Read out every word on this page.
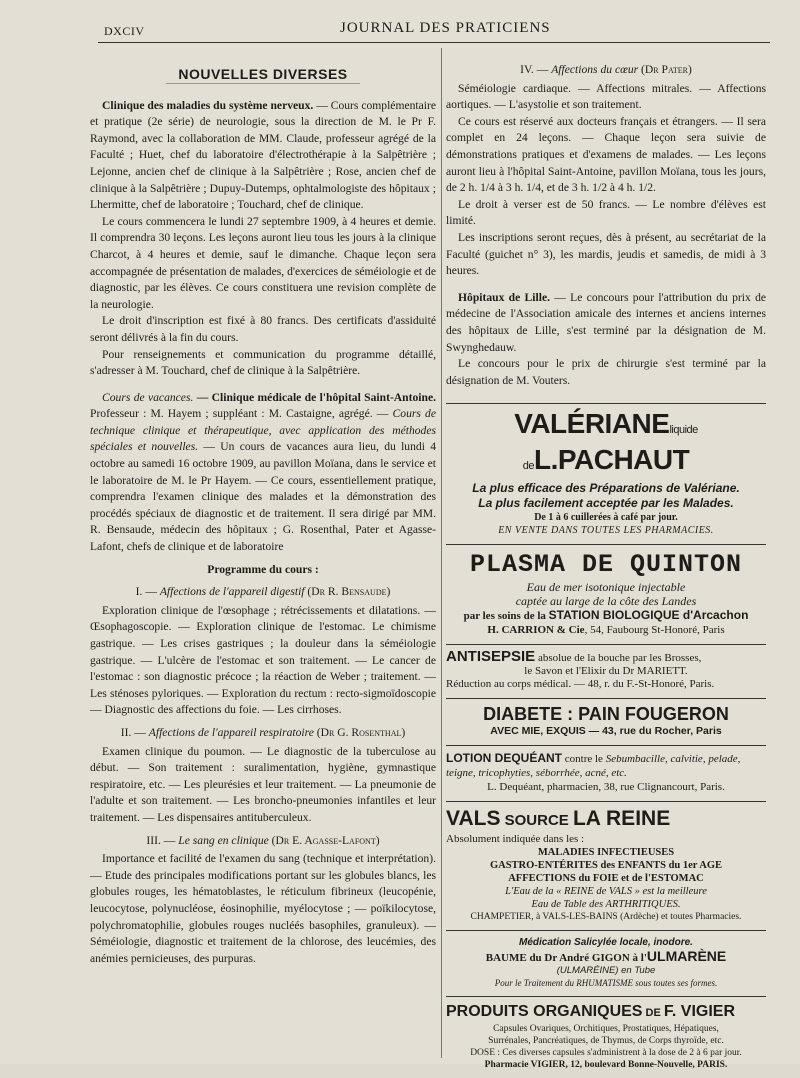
DXCIV	JOURNAL DES PRATICIENS
NOUVELLES DIVERSES

Clinique des maladies du système nerveux. — Cours complémentaire et pratique (2e série) de neurologie, sous la direction de M. le Pr F. Raymond, avec la collaboration de MM. Claude, professeur agrégé de la Faculté ; Huet, chef du laboratoire d'électrothérapie à la Salpêtrière ; Lejonne, ancien chef de clinique à la Salpêtrière ; Rose, ancien chef de clinique à la Salpêtrière ; Dupuy-Dutemps, ophtalmologiste des hôpitaux ; Lhermitte, chef de laboratoire ; Touchard, chef de clinique.

Le cours commencera le lundi 27 septembre 1909, à 4 heures et demie. Il comprendra 30 leçons. Les leçons auront lieu tous les jours à la clinique Charcot, à 4 heures et demie, sauf le dimanche. Chaque leçon sera accompagnée de présentation de malades, d'exercices de séméiologie et de diagnostic, par les élèves. Ce cours constituera une revision complète de la neurologie.

Le droit d'inscription est fixé à 80 francs. Des certificats d'assiduité seront délivrés à la fin du cours.

Pour renseignements et communication du programme détaillé, s'adresser à M. Touchard, chef de clinique à la Salpêtrière.

Cours de vacances. — Clinique médicale de l'hôpital Saint-Antoine. Professeur : M. Hayem ; suppléant : M. Castaigne, agrégé. — Cours de technique clinique et thérapeutique, avec application des méthodes spéciales et nouvelles. — Un cours de vacances aura lieu, du lundi 4 octobre au samedi 16 octobre 1909, au pavillon Moïana, dans le service et le laboratoire de M. le Pr Hayem. — Ce cours, essentiellement pratique, comprendra l'examen clinique des malades et la démonstration des procédés spéciaux de diagnostic et de traitement. Il sera dirigé par MM. R. Bensaude, médecin des hôpitaux ; G. Rosenthal, Pater et Agasse-Lafont, chefs de clinique et de laboratoire

Programme du cours :

I. — Affections de l'appareil digestif (Dr R. Bensaude)

Exploration clinique de l'œsophage ; rétrécissements et dilatations. — Œsophagoscopie. — Exploration clinique de l'estomac. Le chimisme gastrique. — Les crises gastriques ; la douleur dans la séméiologie gastrique. — L'ulcère de l'estomac et son traitement. — Le cancer de l'estomac : son diagnostic précoce ; la réaction de Weber ; traitement. — Les sténoses pyloriques. — Exploration du rectum : recto-sigmoïdoscopie — Diagnostic des affections du foie. — Les cirrhoses.

II. — Affections de l'appareil respiratoire (Dr G. Rosenthal)

Examen clinique du poumon. — Le diagnostic de la tuberculose au début. — Son traitement : suralimentation, hygiène, gymnastique respiratoire, etc. — Les pleurésies et leur traitement. — La pneumonie de l'adulte et son traitement. — Les broncho-pneumonies infantiles et leur traitement. — Les dispensaires antituberculeux.

III. — Le sang en clinique (Dr E. Agasse-Lafont)

Importance et facilité de l'examen du sang (technique et interprétation). — Etude des principales modifications portant sur les globules blancs, les globules rouges, les hématoblastes, le réticulum fibrineux (leucopénie, leucocytose, polynucléose, éosinophilie, myélocytose ; — poïkilocytose, polychromatophilie, globules rouges nucléés basophiles, granuleux). — Séméiologie, diagnostic et traitement de la chlorose, des leucémies, des anémies pernicieuses, des purpuras.

IV. — Affections du cœur (Dr Pater)

Séméiologie cardiaque. — Affections mitrales. — Affections aortiques. — L'asystolie et son traitement.

Ce cours est réservé aux docteurs français et étrangers. — Il sera complet en 24 leçons. — Chaque leçon sera suivie de démonstrations pratiques et d'examens de malades. — Les leçons auront lieu à l'hôpital Saint-Antoine, pavillon Moïana, tous les jours, de 2 h. 1/4 à 3 h. 1/4, et de 3 h. 1/2 à 4 h. 1/2.

Le droit à verser est de 50 francs. — Le nombre d'élèves est limité.

Les inscriptions seront reçues, dès à présent, au secrétariat de la Faculté (guichet n° 3), les mardis, jeudis et samedis, de midi à 3 heures.

Hôpitaux de Lille. — Le concours pour l'attribution du prix de médecine de l'Association amicale des internes et anciens internes des hôpitaux de Lille, s'est terminé par la désignation de M. Swynghedauw.

Le concours pour le prix de chirurgie s'est terminé par la désignation de M. Vouters.

VALÉRIANEliquide deL.PACHAUT
La plus efficace des Préparations de Valériane.
La plus facilement acceptée par les Malades.
De 1 à 6 cuillerées à café par jour.
EN VENTE DANS TOUTES LES PHARMACIES.
PLASMA DE QUINTON
Eau de mer isotonique injectable
captée au large de la côte des Landes
par les soins de la STATION BIOLOGIQUE d'Arcachon
H. CARRION & Cie, 54, Faubourg St-Honoré, Paris
ANTISEPSIE absolue de la bouche par les Brosses,
le Savon et l'Elixir du Dr MARIETT.
Réduction au corps médical. — 48, r. du F.-St-Honoré, Paris.
DIABETE : PAIN FOUGERON
AVEC MIE, EXQUIS — 43, rue du Rocher, Paris
LOTION DEQUÉANT contre le Sebumbacille, calvitie, pelade,
teigne, tricophyties, séborrhée, acné, etc.
L. Dequéant, pharmacien, 38, rue Clignancourt, Paris.
VALS SOURCE LA REINE
Absolument indiquée dans les :
MALADIES INFECTIEUSES
GASTRO-ENTÉRITES des ENFANTS du 1er AGE
AFFECTIONS du FOIE et de l'ESTOMAC
L'Eau de la « REINE de VALS » est la meilleure
Eau de Table des ARTHRITIQUES.
CHAMPETIER, à VALS-LES-BAINS (Ardèche) et toutes Pharmacies.
Médication Salicylée locale, inodore.
BAUME du Dr André GIGON à l'ULMARÈNE
(ULMARÉINE) en Tube
Pour le Traitement du RHUMATISME sous toutes ses formes.
PRODUITS ORGANIQUES DE F. VIGIER
Capsules Ovariques, Orchitiques, Prostatiques, Hépatiques,
Surrénales, Pancréatiques, de Thymus, de Corps thyroïde, etc.
DOSE : Ces diverses capsules s'administrent à la dose de 2 à 6 par jour.
Pharmacie VIGIER, 12, boulevard Bonne-Nouvelle, PARIS.
